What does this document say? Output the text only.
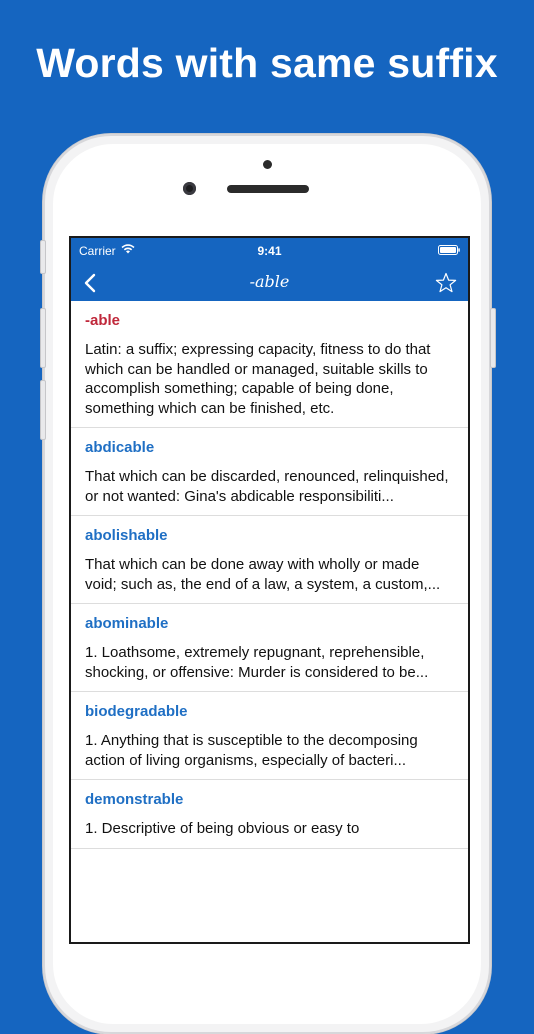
Words with same suffix
Carrier	9:41
-able
-able
Latin: a suffix; expressing capacity, fitness to do that which can be handled or managed, suitable skills to accomplish something; capable of being done, something which can be finished, etc.
abdicable
That which can be discarded, renounced, relinquished, or not wanted: Gina's abdicable responsibiliti...
abolishable
That which can be done away with wholly or made void; such as, the end of a law, a system, a custom,...
abominable
1. Loathsome, extremely repugnant, reprehensible, shocking, or offensive: Murder is considered to be...
biodegradable
1. Anything that is susceptible to the decomposing action of living organisms, especially of bacteri...
demonstrable
1. Descriptive of being obvious or easy to
